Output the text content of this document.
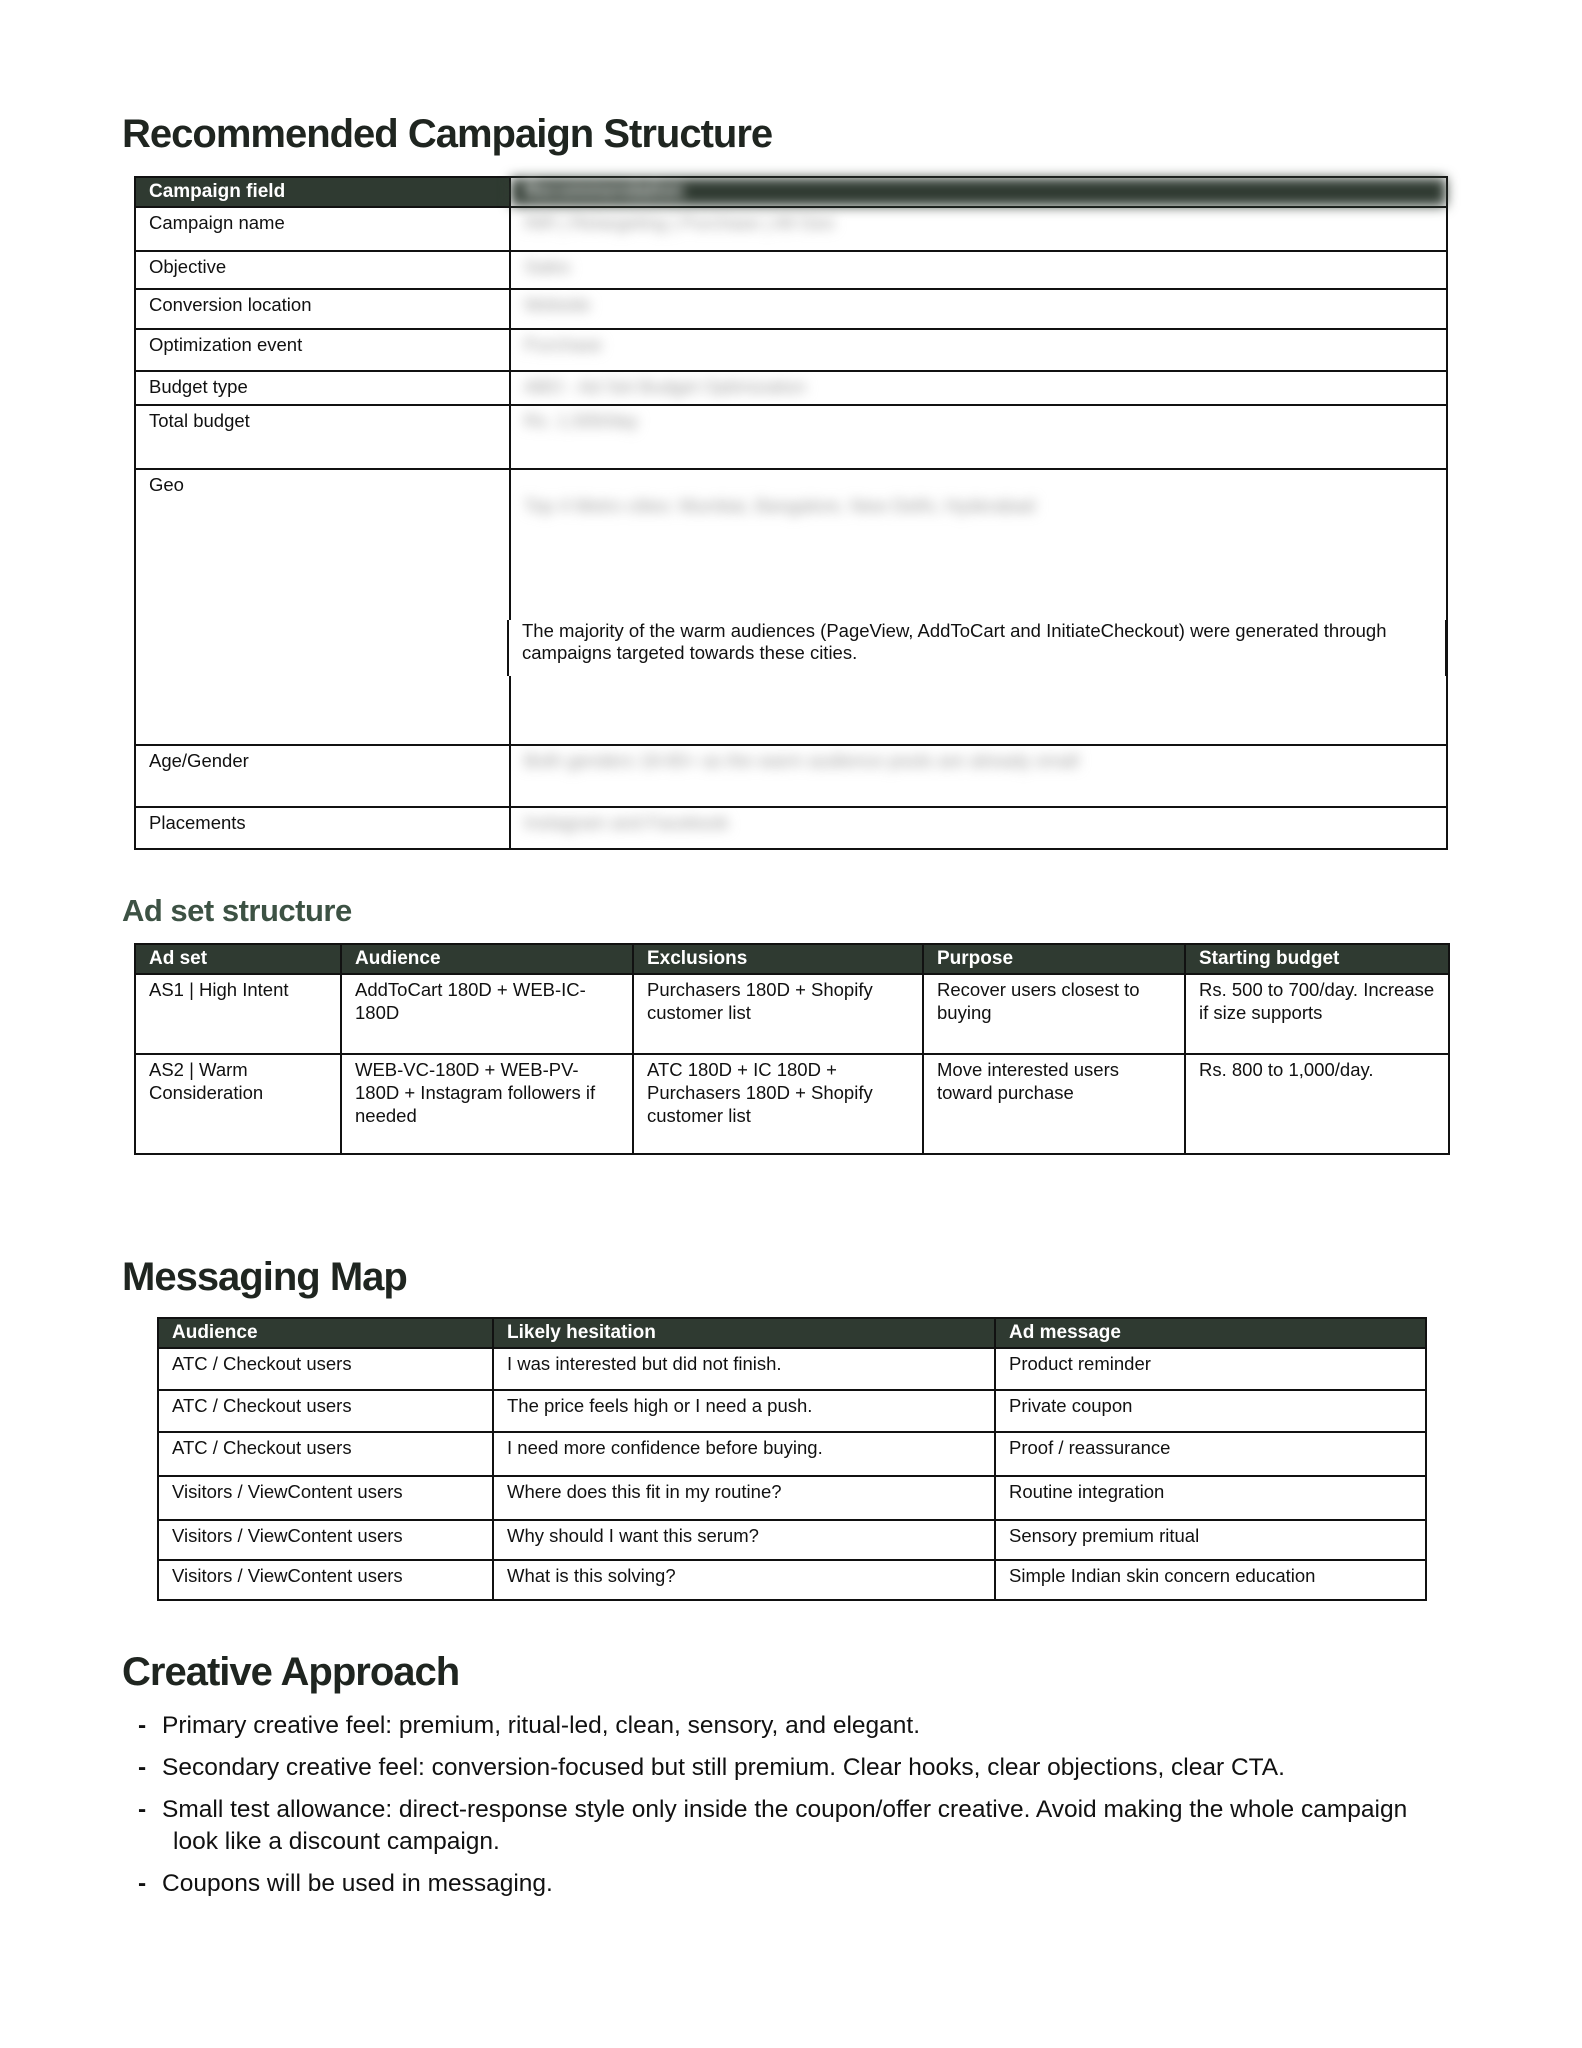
Recommended Campaign Structure
Campaign field	Recommendation
Campaign name	INR | Retargeting | Purchase | All Geo
Objective	Sales
Conversion location	Website
Optimization event	Purchase
Budget type	ABO - Ad Set Budget Optimization
Total budget	Rs. 1,500/day
Geo	Top 4 Metro cities: Mumbai, Bangalore, New Delhi, Hyderabad
Age/Gender	Both genders 18-65+ as the warm audience pools are already small
Placements	Instagram and Facebook
The majority of the warm audiences (PageView, AddToCart and InitiateCheckout) were generated through campaigns targeted towards these cities.
Ad set structure
Ad set	Audience	Exclusions	Purpose	Starting budget
AS1 | High Intent	AddToCart 180D + WEB-IC-180D	Purchasers 180D + Shopify customer list	Recover users closest to buying	Rs. 500 to 700/day. Increase if size supports
AS2 | Warm Consideration	WEB-VC-180D + WEB-PV-180D + Instagram followers if needed	ATC 180D + IC 180D + Purchasers 180D + Shopify customer list	Move interested users toward purchase	Rs. 800 to 1,000/day.
Messaging Map
Audience	Likely hesitation	Ad message
ATC / Checkout users	I was interested but did not finish.	Product reminder
ATC / Checkout users	The price feels high or I need a push.	Private coupon
ATC / Checkout users	I need more confidence before buying.	Proof / reassurance
Visitors / ViewContent users	Where does this fit in my routine?	Routine integration
Visitors / ViewContent users	Why should I want this serum?	Sensory premium ritual
Visitors / ViewContent users	What is this solving?	Simple Indian skin concern education
Creative Approach
- Primary creative feel: premium, ritual-led, clean, sensory, and elegant.
- Secondary creative feel: conversion-focused but still premium. Clear hooks, clear objections, clear CTA.
- Small test allowance: direct-response style only inside the coupon/offer creative. Avoid making the whole campaign
look like a discount campaign.
- Coupons will be used in messaging.
